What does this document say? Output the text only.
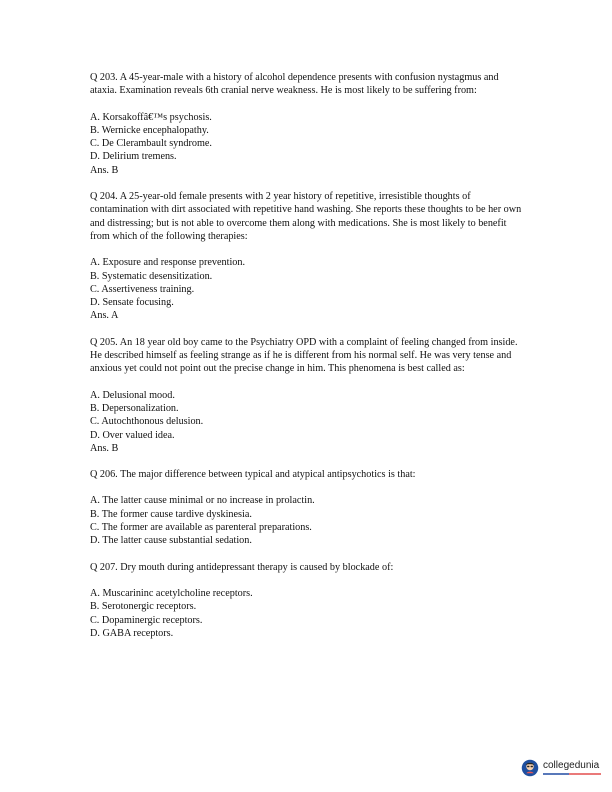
Q 203. A 45-year-male with a history of alcohol dependence presents with confusion nystagmus and ataxia. Examination reveals 6th cranial nerve weakness. He is most likely to be suffering from:

A. Korsakoffâ€™s psychosis.

B. Wernicke encephalopathy.

C. De Clerambault syndrome.

D. Delirium tremens.

Ans. B

Q 204. A 25-year-old female presents with 2 year history of repetitive, irresistible thoughts of contamination with dirt associated with repetitive hand washing. She reports these thoughts to be her own and distressing; but is not able to overcome them along with medications. She is most likely to benefit from which of the following therapies:

A. Exposure and response prevention.

B. Systematic desensitization.

C. Assertiveness training.

D. Sensate focusing.

Ans. A

Q 205. An 18 year old boy came to the Psychiatry OPD with a complaint of feeling changed from inside. He described himself as feeling strange as if he is different from his normal self. He was very tense and anxious yet could not point out the precise change in him. This phenomena is best called as:

A. Delusional mood.

B. Depersonalization.

C. Autochthonous delusion.

D. Over valued idea.

Ans. B

Q 206. The major difference between typical and atypical antipsychotics is that:

A. The latter cause minimal or no increase in prolactin.

B. The former cause tardive dyskinesia.

C. The former are available as parenteral preparations.

D. The latter cause substantial sedation.

Q 207. Dry mouth during antidepressant therapy is caused by blockade of:

A. Muscarininc acetylcholine receptors.

B. Serotonergic receptors.

C. Dopaminergic receptors.

D. GABA receptors.

collegedunia
